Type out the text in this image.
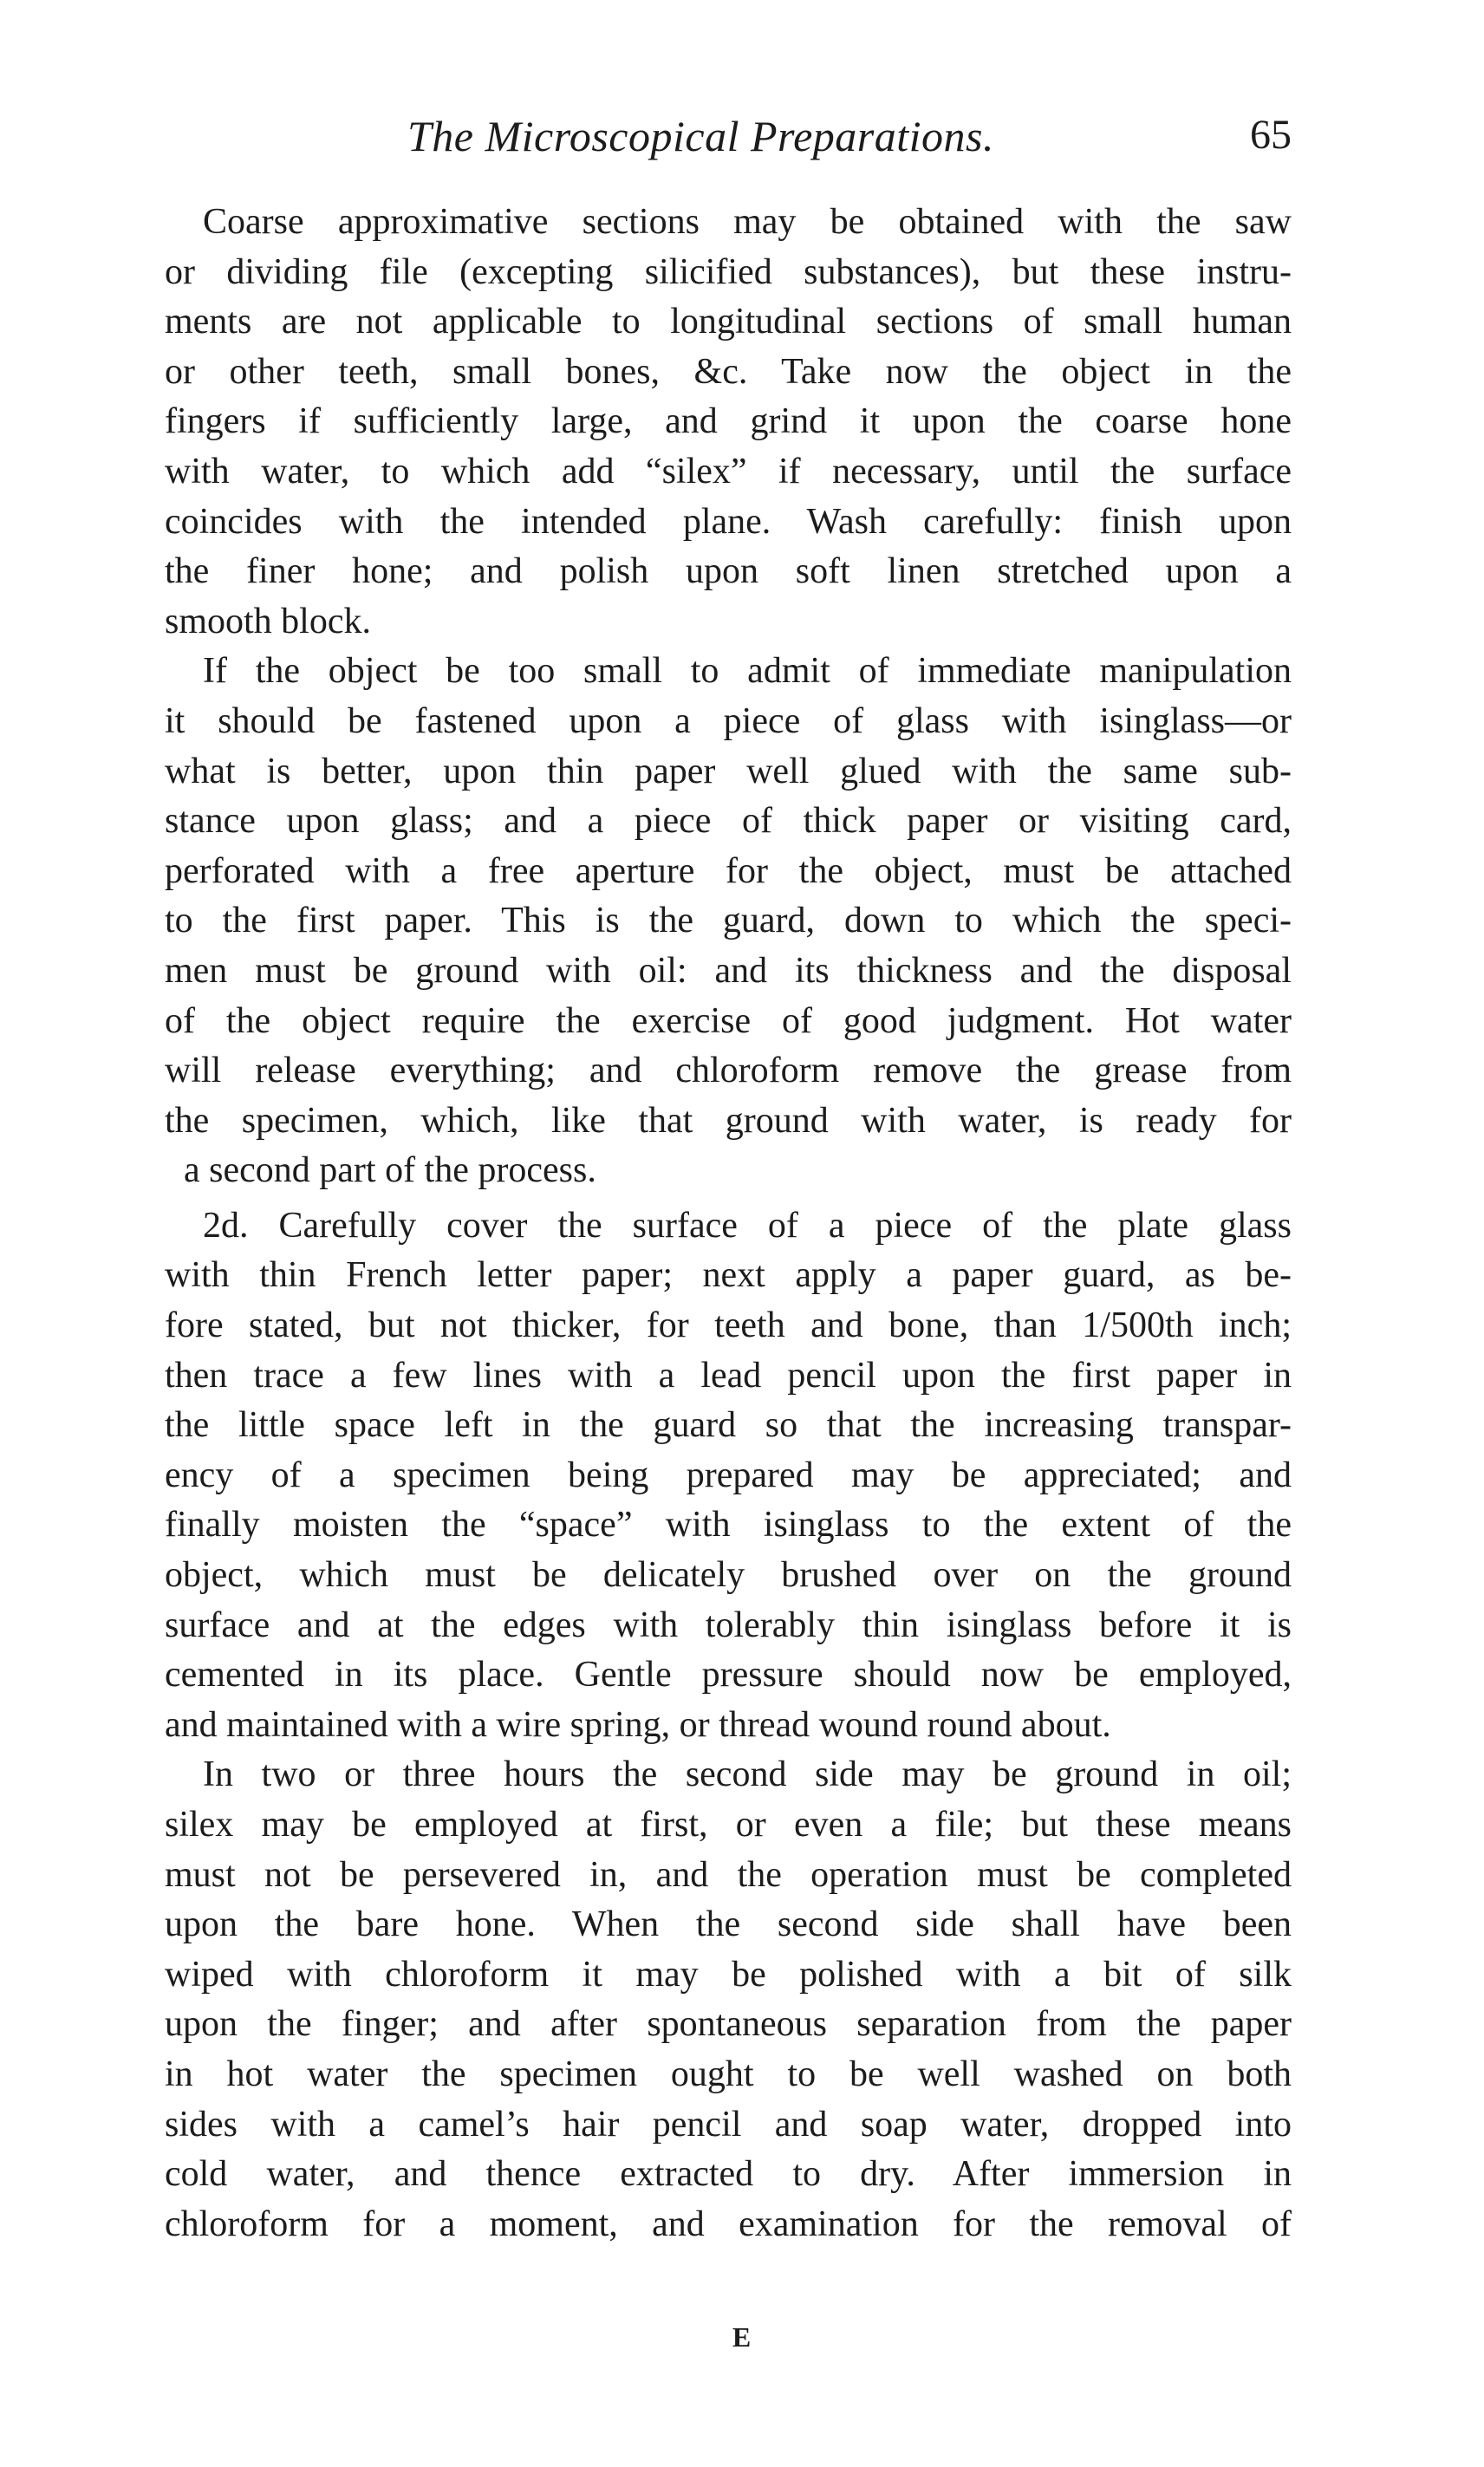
The Microscopical Preparations.	65
Coarse approximative sections may be obtained with the saw
or dividing file (excepting silicified substances), but these instru-
ments are not applicable to longitudinal sections of small human
or other teeth, small bones, &c. Take now the object in the
fingers if sufficiently large, and grind it upon the coarse hone
with water, to which add “silex” if necessary, until the surface
coincides with the intended plane. Wash carefully: finish upon
the finer hone; and polish upon soft linen stretched upon a
smooth block.
If the object be too small to admit of immediate manipulation
it should be fastened upon a piece of glass with isinglass—or
what is better, upon thin paper well glued with the same sub-
stance upon glass; and a piece of thick paper or visiting card,
perforated with a free aperture for the object, must be attached
to the first paper. This is the guard, down to which the speci-
men must be ground with oil: and its thickness and the disposal
of the object require the exercise of good judgment. Hot water
will release everything; and chloroform remove the grease from
the specimen, which, like that ground with water, is ready for
a second part of the process.
2d. Carefully cover the surface of a piece of the plate glass
with thin French letter paper; next apply a paper guard, as be-
fore stated, but not thicker, for teeth and bone, than 1/500th inch;
then trace a few lines with a lead pencil upon the first paper in
the little space left in the guard so that the increasing transpar-
ency of a specimen being prepared may be appreciated; and
finally moisten the “space” with isinglass to the extent of the
object, which must be delicately brushed over on the ground
surface and at the edges with tolerably thin isinglass before it is
cemented in its place. Gentle pressure should now be employed,
and maintained with a wire spring, or thread wound round about.
In two or three hours the second side may be ground in oil;
silex may be employed at first, or even a file; but these means
must not be persevered in, and the operation must be completed
upon the bare hone. When the second side shall have been
wiped with chloroform it may be polished with a bit of silk
upon the finger; and after spontaneous separation from the paper
in hot water the specimen ought to be well washed on both
sides with a camel’s hair pencil and soap water, dropped into
cold water, and thence extracted to dry. After immersion in
chloroform for a moment, and examination for the removal of
E
